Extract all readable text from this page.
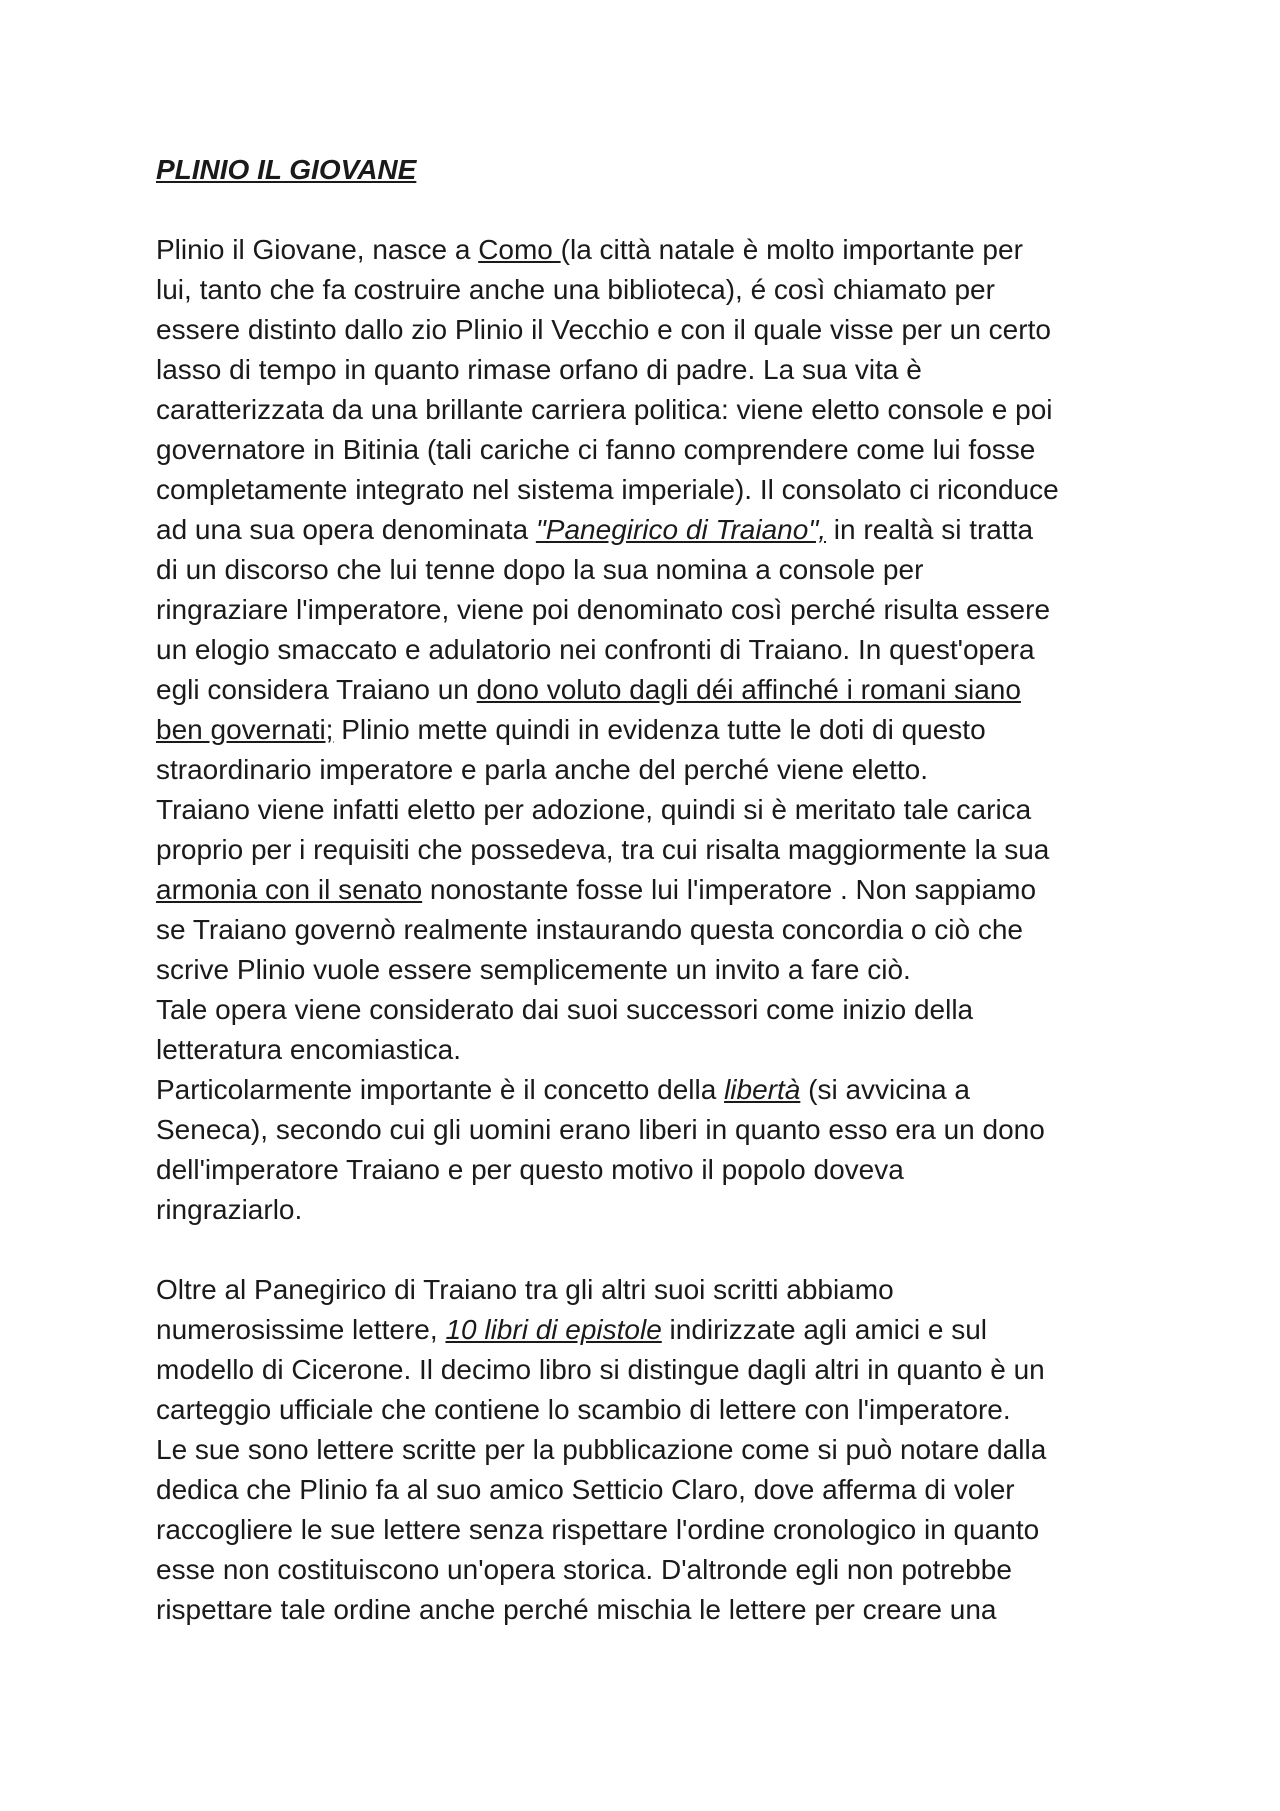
PLINIO IL GIOVANE

Plinio il Giovane, nasce a Como (la città natale è molto importante per
lui, tanto che fa costruire anche una biblioteca), é così chiamato per
essere distinto dallo zio Plinio il Vecchio e con il quale visse per un certo
lasso di tempo in quanto rimase orfano di padre. La sua vita è
caratterizzata da una brillante carriera politica: viene eletto console e poi
governatore in Bitinia (tali cariche ci fanno comprendere come lui fosse
completamente integrato nel sistema imperiale). Il consolato ci riconduce
ad una sua opera denominata "Panegirico di Traiano", in realtà si tratta
di un discorso che lui tenne dopo la sua nomina a console per
ringraziare l'imperatore, viene poi denominato così perché risulta essere
un elogio smaccato e adulatorio nei confronti di Traiano. In quest'opera
egli considera Traiano un dono voluto dagli déi affinché i romani siano
ben governati; Plinio mette quindi in evidenza tutte le doti di questo
straordinario imperatore e parla anche del perché viene eletto.
Traiano viene infatti eletto per adozione, quindi si è meritato tale carica
proprio per i requisiti che possedeva, tra cui risalta maggiormente la sua
armonia con il senato nonostante fosse lui l'imperatore . Non sappiamo
se Traiano governò realmente instaurando questa concordia o ciò che
scrive Plinio vuole essere semplicemente un invito a fare ciò.
Tale opera viene considerato dai suoi successori come inizio della
letteratura encomiastica.
Particolarmente importante è il concetto della libertà (si avvicina a
Seneca), secondo cui gli uomini erano liberi in quanto esso era un dono
dell'imperatore Traiano e per questo motivo il popolo doveva
ringraziarlo.
Oltre al Panegirico di Traiano tra gli altri suoi scritti abbiamo
numerosissime lettere, 10 libri di epistole indirizzate agli amici e sul
modello di Cicerone. Il decimo libro si distingue dagli altri in quanto è un
carteggio ufficiale che contiene lo scambio di lettere con l'imperatore.
Le sue sono lettere scritte per la pubblicazione come si può notare dalla
dedica che Plinio fa al suo amico Setticio Claro, dove afferma di voler
raccogliere le sue lettere senza rispettare l'ordine cronologico in quanto
esse non costituiscono un'opera storica. D'altronde egli non potrebbe
rispettare tale ordine anche perché mischia le lettere per creare una
